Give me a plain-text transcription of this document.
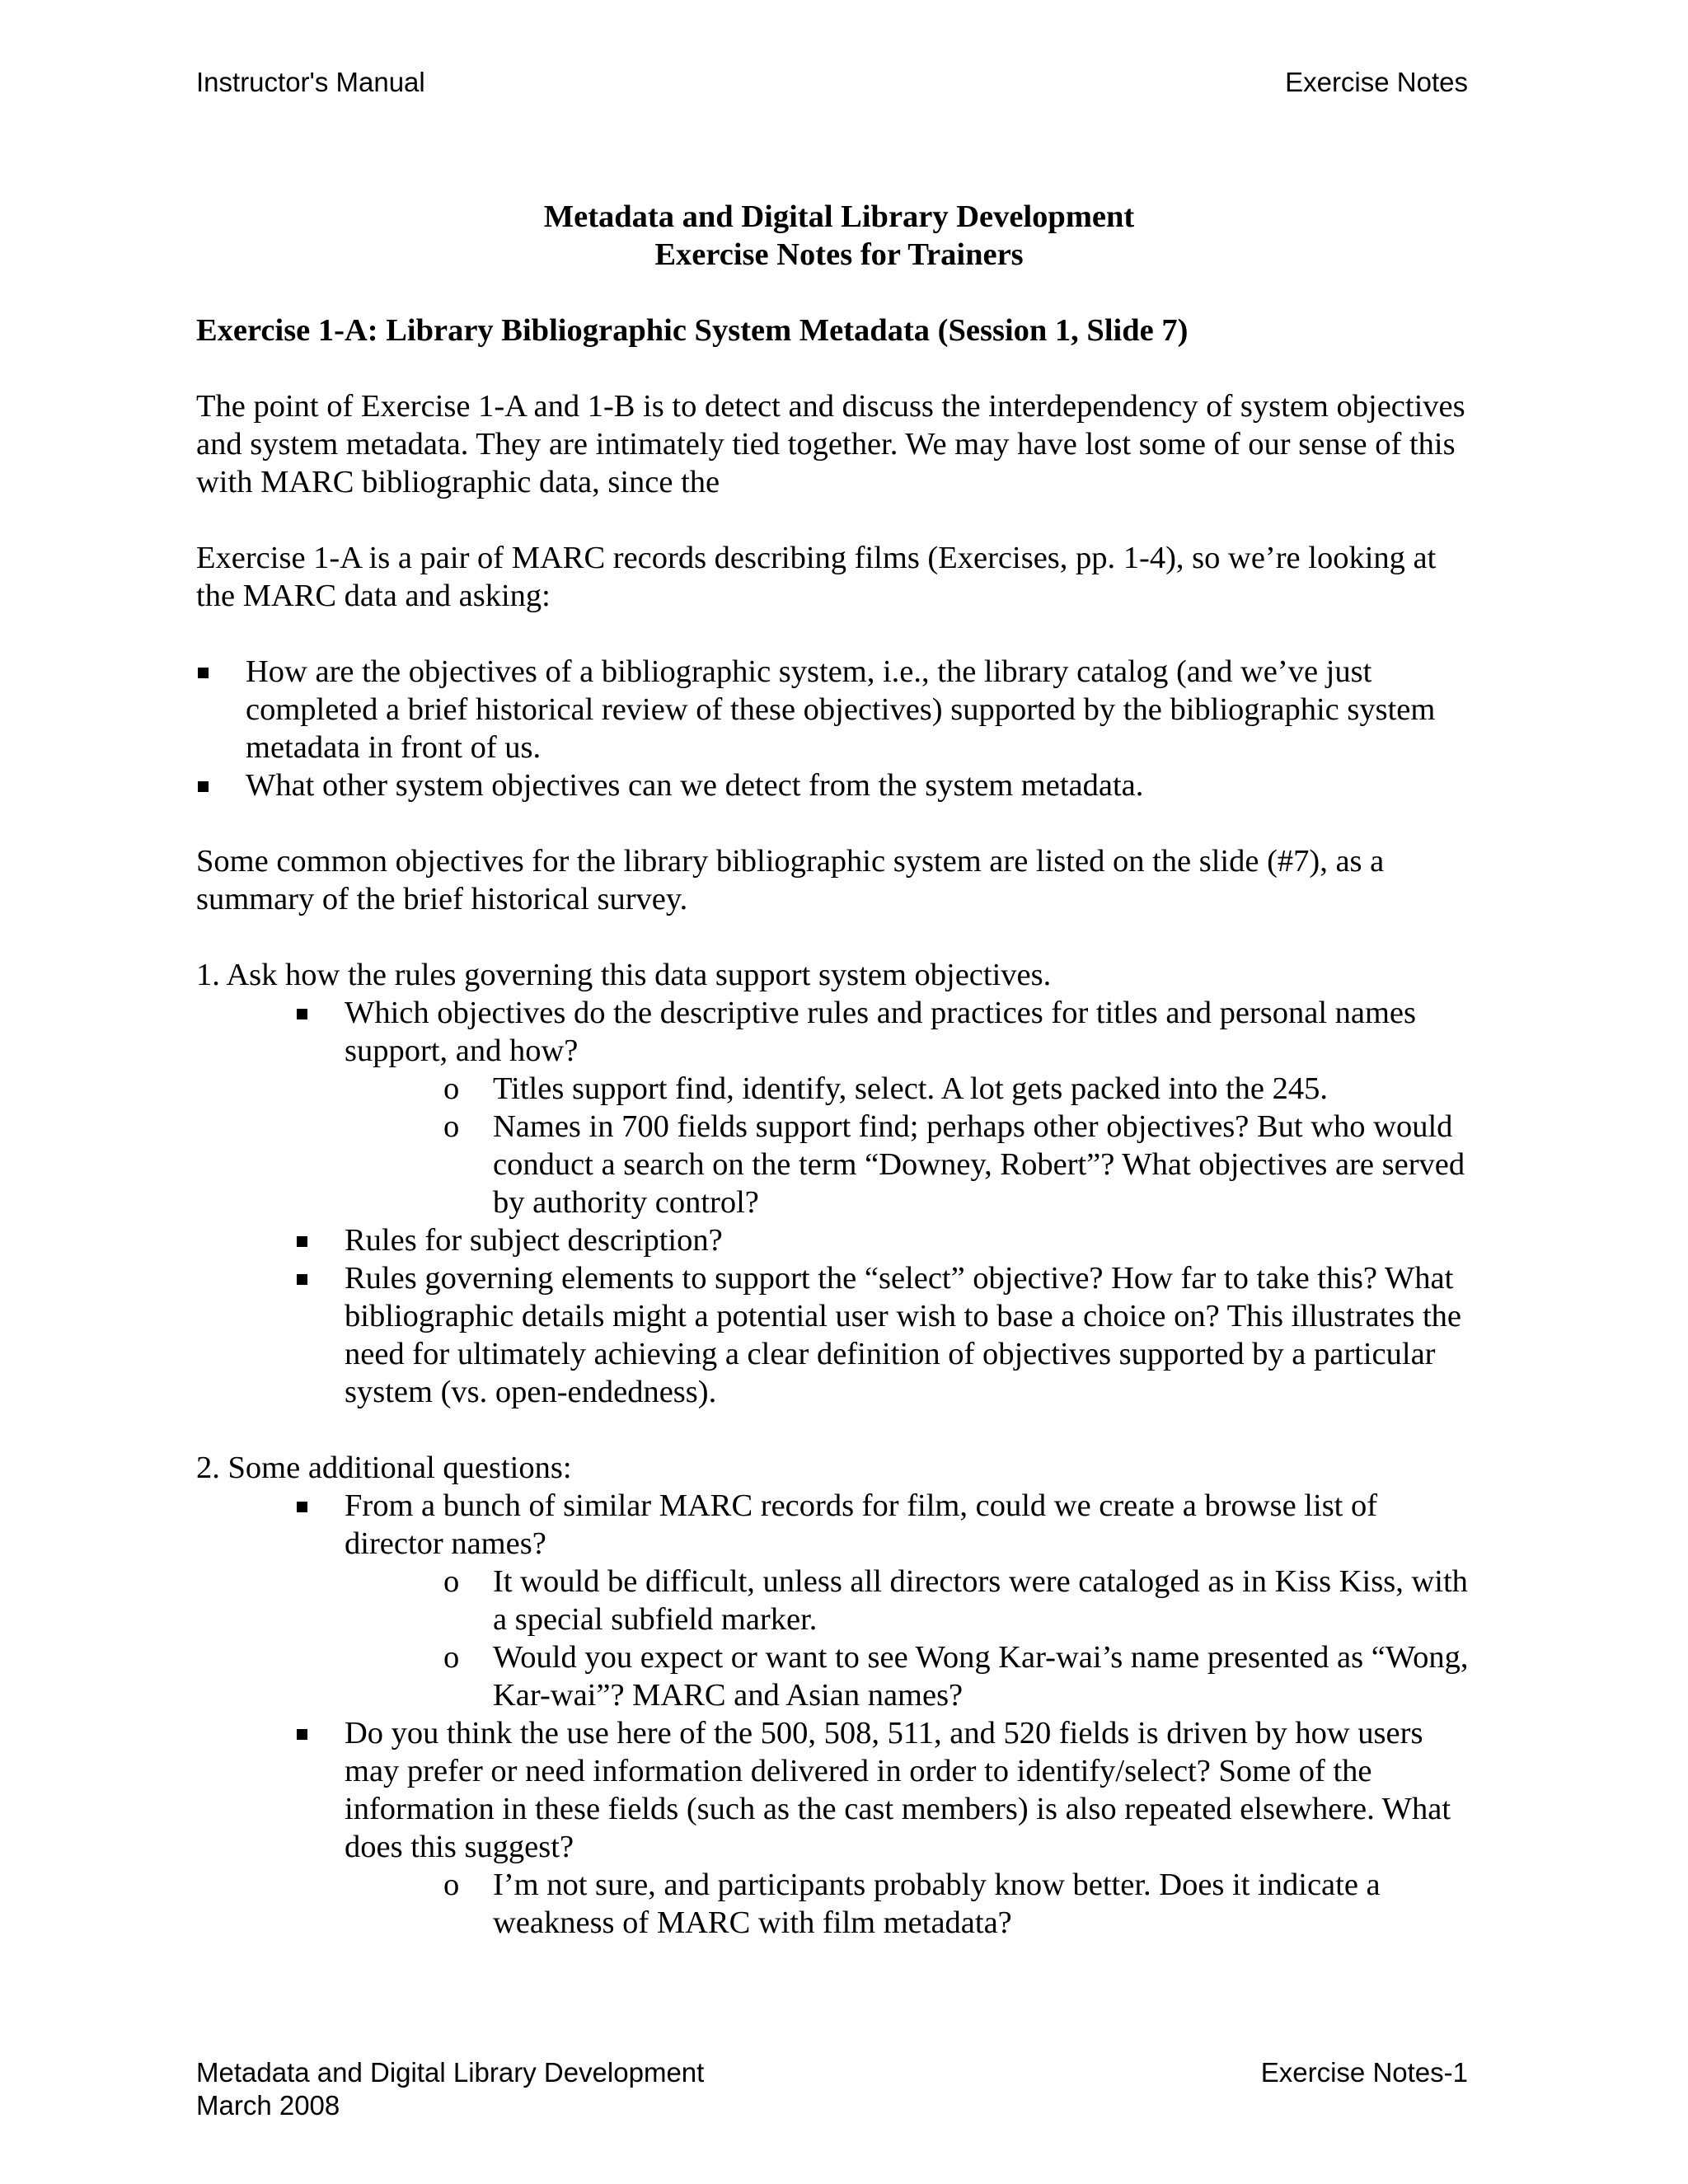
Instructor's Manual	Exercise Notes
Metadata and Digital Library Development
Exercise Notes for Trainers
Exercise 1-A: Library Bibliographic System Metadata (Session 1, Slide 7)

The point of Exercise 1-A and 1-B is to detect and discuss the interdependency of system objectives and system metadata. They are intimately tied together. We may have lost some of our sense of this with MARC bibliographic data, since the

Exercise 1-A is a pair of MARC records describing films (Exercises, pp. 1-4), so we’re looking at the MARC data and asking:

How are the objectives of a bibliographic system, i.e., the library catalog (and we’ve just completed a brief historical review of these objectives) supported by the bibliographic system metadata in front of us.
What other system objectives can we detect from the system metadata.

Some common objectives for the library bibliographic system are listed on the slide (#7), as a summary of the brief historical survey.

1. Ask how the rules governing this data support system objectives.
Which objectives do the descriptive rules and practices for titles and personal names support, and how?
o Titles support find, identify, select. A lot gets packed into the 245.
o Names in 700 fields support find; perhaps other objectives? But who would conduct a search on the term “Downey, Robert”? What objectives are served by authority control?
Rules for subject description?
Rules governing elements to support the “select” objective? How far to take this? What bibliographic details might a potential user wish to base a choice on? This illustrates the need for ultimately achieving a clear definition of objectives supported by a particular system (vs. open-endedness).
2. Some additional questions:
From a bunch of similar MARC records for film, could we create a browse list of director names?
o It would be difficult, unless all directors were cataloged as in Kiss Kiss, with a special subfield marker.
o Would you expect or want to see Wong Kar-wai’s name presented as “Wong, Kar-wai”? MARC and Asian names?
Do you think the use here of the 500, 508, 511, and 520 fields is driven by how users may prefer or need information delivered in order to identify/select? Some of the information in these fields (such as the cast members) is also repeated elsewhere. What does this suggest?
o I’m not sure, and participants probably know better. Does it indicate a weakness of MARC with film metadata?
Metadata and Digital Library Development	Exercise Notes-1
March 2008
